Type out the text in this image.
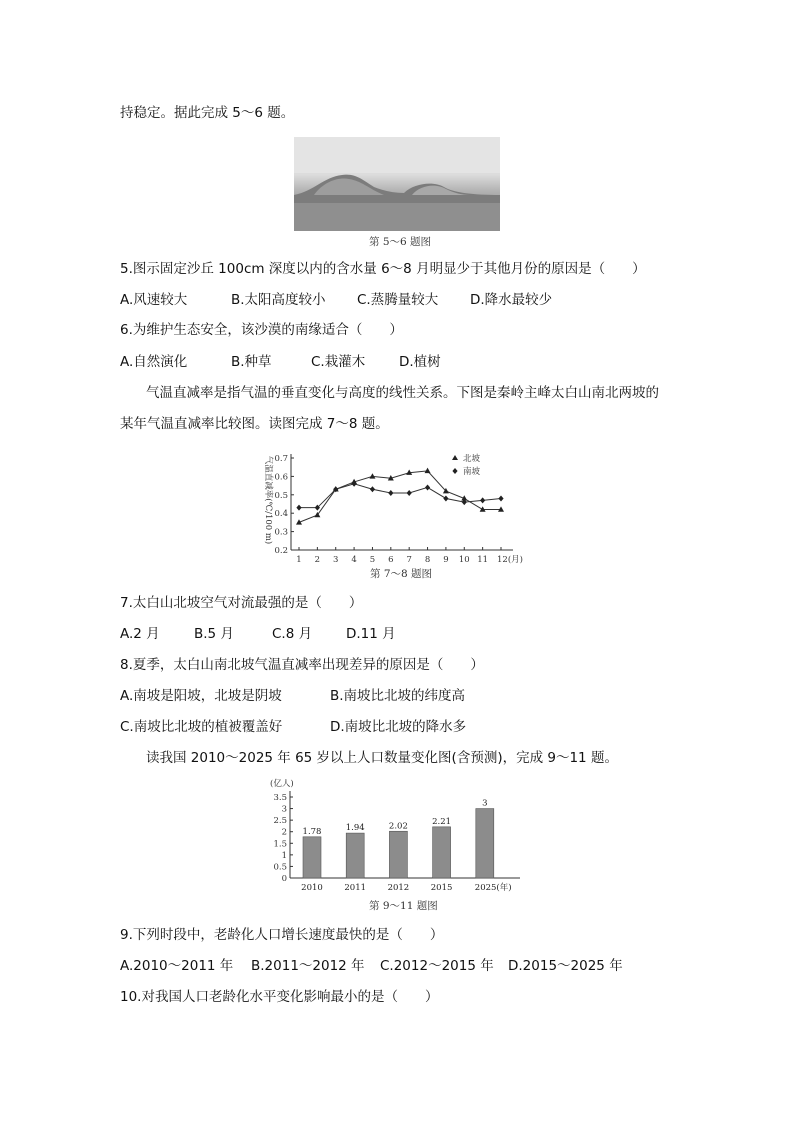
持稳定。据此完成 5～6 题。
第 5～6 题图
5.图示固定沙丘 100cm 深度以内的含水量 6～8 月明显少于其他月份的原因是（　　）
A.风速较大	B.太阳高度较小 C.蒸腾量较大 D.降水最较少
6.为维护生态安全，该沙漠的南缘适合（　　）
A.自然演化	B.种草	C.栽灌木	D.植树
气温直减率是指气温的垂直变化与高度的线性关系。下图是秦岭主峰太白山南北两坡的
某年气温直减率比较图。读图完成 7～8 题。
气温直减率(℃/100 m)
0.2
0.3
0.4
0.5
0.6
0.7
1 2 3 4 5 6 7 8 9 10 11 12(月)
北坡
南坡
第 7～8 题图
7.太白山北坡空气对流最强的是（　　）
A.2 月	B.5 月	C.8 月	D.11 月
8.夏季，太白山南北坡气温直减率出现差异的原因是（　　）
A.南坡是阳坡，北坡是阴坡	B.南坡比北坡的纬度高
C.南坡比北坡的植被覆盖好	D.南坡比北坡的降水多
读我国 2010～2025 年 65 岁以上人口数量变化图(含预测)，完成 9～11 题。
(亿人)
0
0.5
1
1.5
2
2.5
3
3.5
1.78
2010
1.94
2011
2.02
2012
2.21
2015
3
2025(年)
第 9～11 题图
9.下列时段中，老龄化人口增长速度最快的是（　　）
A.2010～2011 年 B.2011～2012 年 C.2012～2015 年 D.2015～2025 年
10.对我国人口老龄化水平变化影响最小的是（　　）
